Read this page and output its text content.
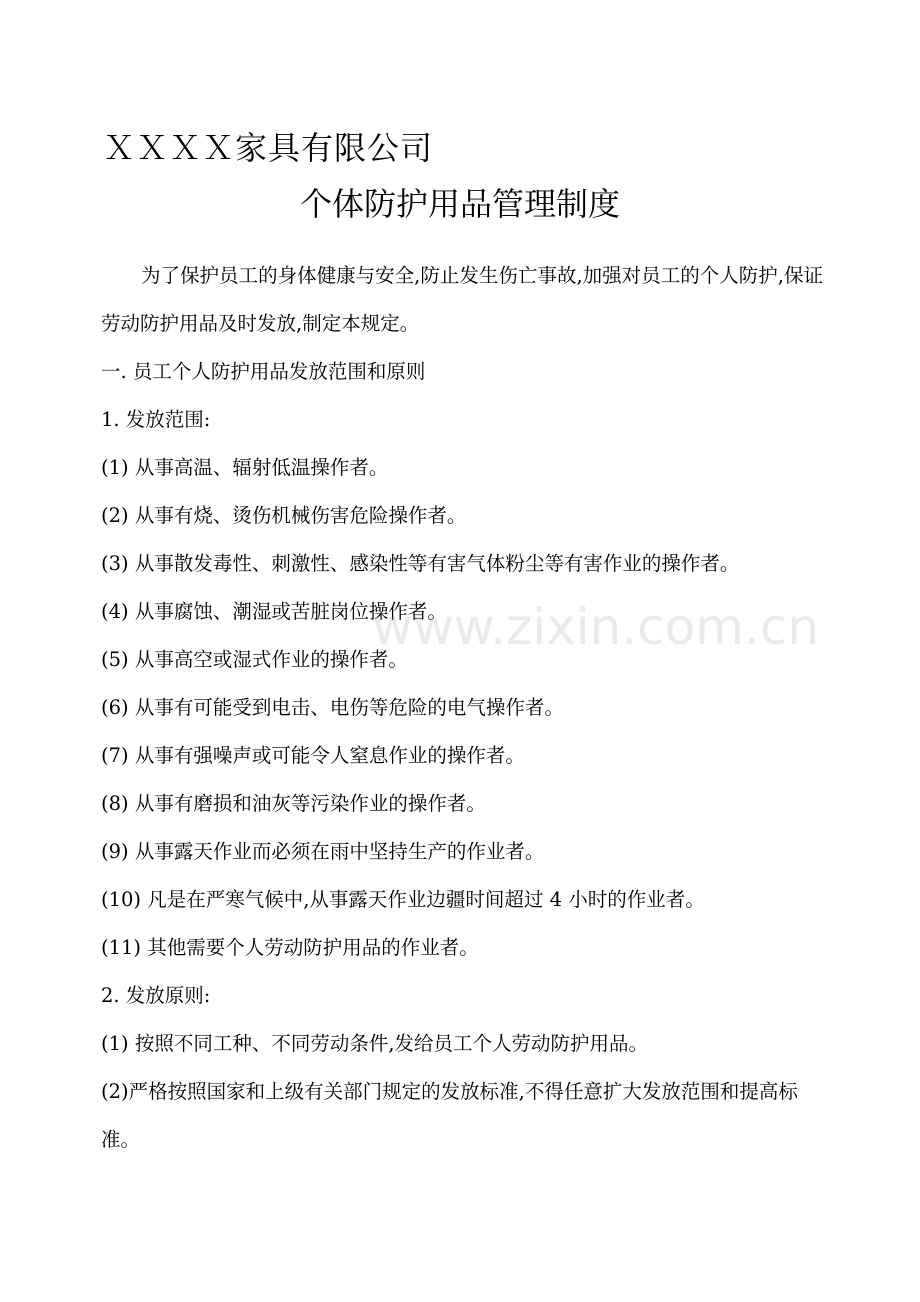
ＸＸＸＸ家具有限公司
个体防护用品管理制度

为了保护员工的身体健康与安全,防止发生伤亡事故,加强对员工的个人防护,保证劳动防护用品及时发放,制定本规定。

一. 员工个人防护用品发放范围和原则

1. 发放范围:

(1) 从事高温、辐射低温操作者。

(2) 从事有烧、烫伤机械伤害危险操作者。

(3) 从事散发毒性、刺激性、感染性等有害气体粉尘等有害作业的操作者。

(4) 从事腐蚀、潮湿或苦脏岗位操作者。

(5) 从事高空或湿式作业的操作者。

(6) 从事有可能受到电击、电伤等危险的电气操作者。

(7) 从事有强噪声或可能令人窒息作业的操作者。

(8) 从事有磨损和油灰等污染作业的操作者。

(9) 从事露天作业而必须在雨中坚持生产的作业者。

(10) 凡是在严寒气候中,从事露天作业边疆时间超过 4 小时的作业者。

(11) 其他需要个人劳动防护用品的作业者。

2. 发放原则:

(1) 按照不同工种、不同劳动条件,发给员工个人劳动防护用品。

(2)严格按照国家和上级有关部门规定的发放标准,不得任意扩大发放范围和提高标准。

www.zixin.com.cn
